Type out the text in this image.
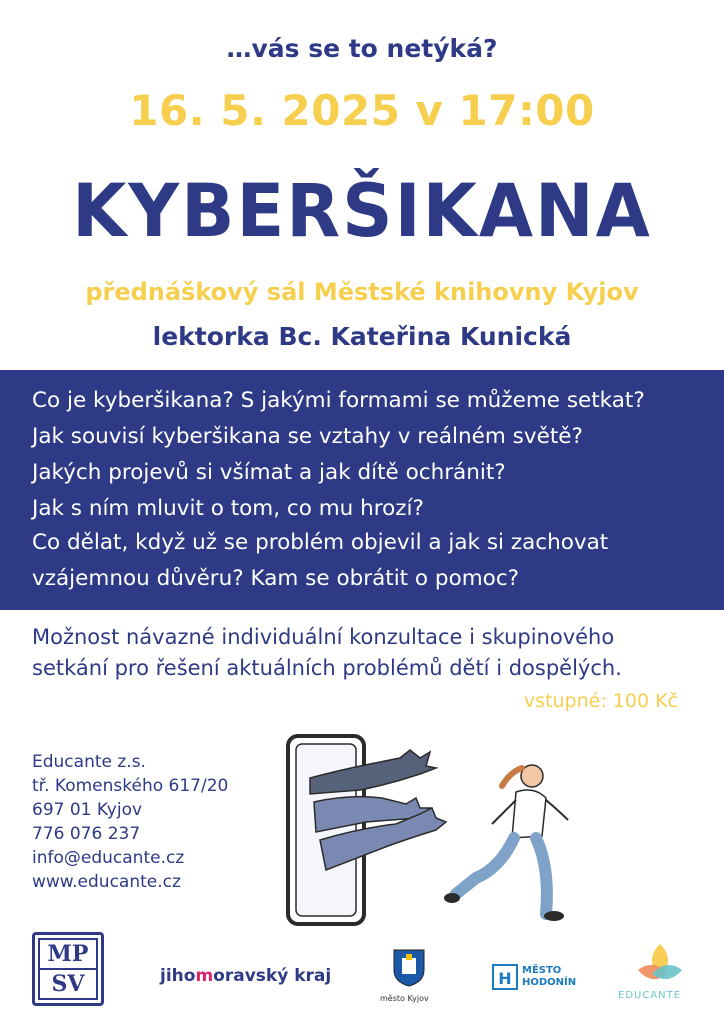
…vás se to netýká?
16. 5. 2025 v 17:00
KYBERŠIKANA
přednáškový sál Městské knihovny Kyjov
lektorka Bc. Kateřina Kunická
Co je kyberšikana? S jakými formami se můžeme setkat?
Jak souvisí kyberšikana se vztahy v reálném světě?
Jakých projevů si všímat a jak dítě ochránit?
Jak s ním mluvit o tom, co mu hrozí?
Co dělat, když už se problém objevil a jak si zachovat
vzájemnou důvěru? Kam se obrátit o pomoc?
Možnost návazné individuální konzultace i skupinového
setkání pro řešení aktuálních problémů dětí i dospělých.
vstupné: 100 Kč
Educante z.s.
tř. Komenského 617/20
697 01 Kyjov
776 076 237
info@educante.cz
www.educante.cz
MP
SV	jihomoravský kraj
město Kyjov
H MĚSTO
HODONÍN
EDUCANTE
